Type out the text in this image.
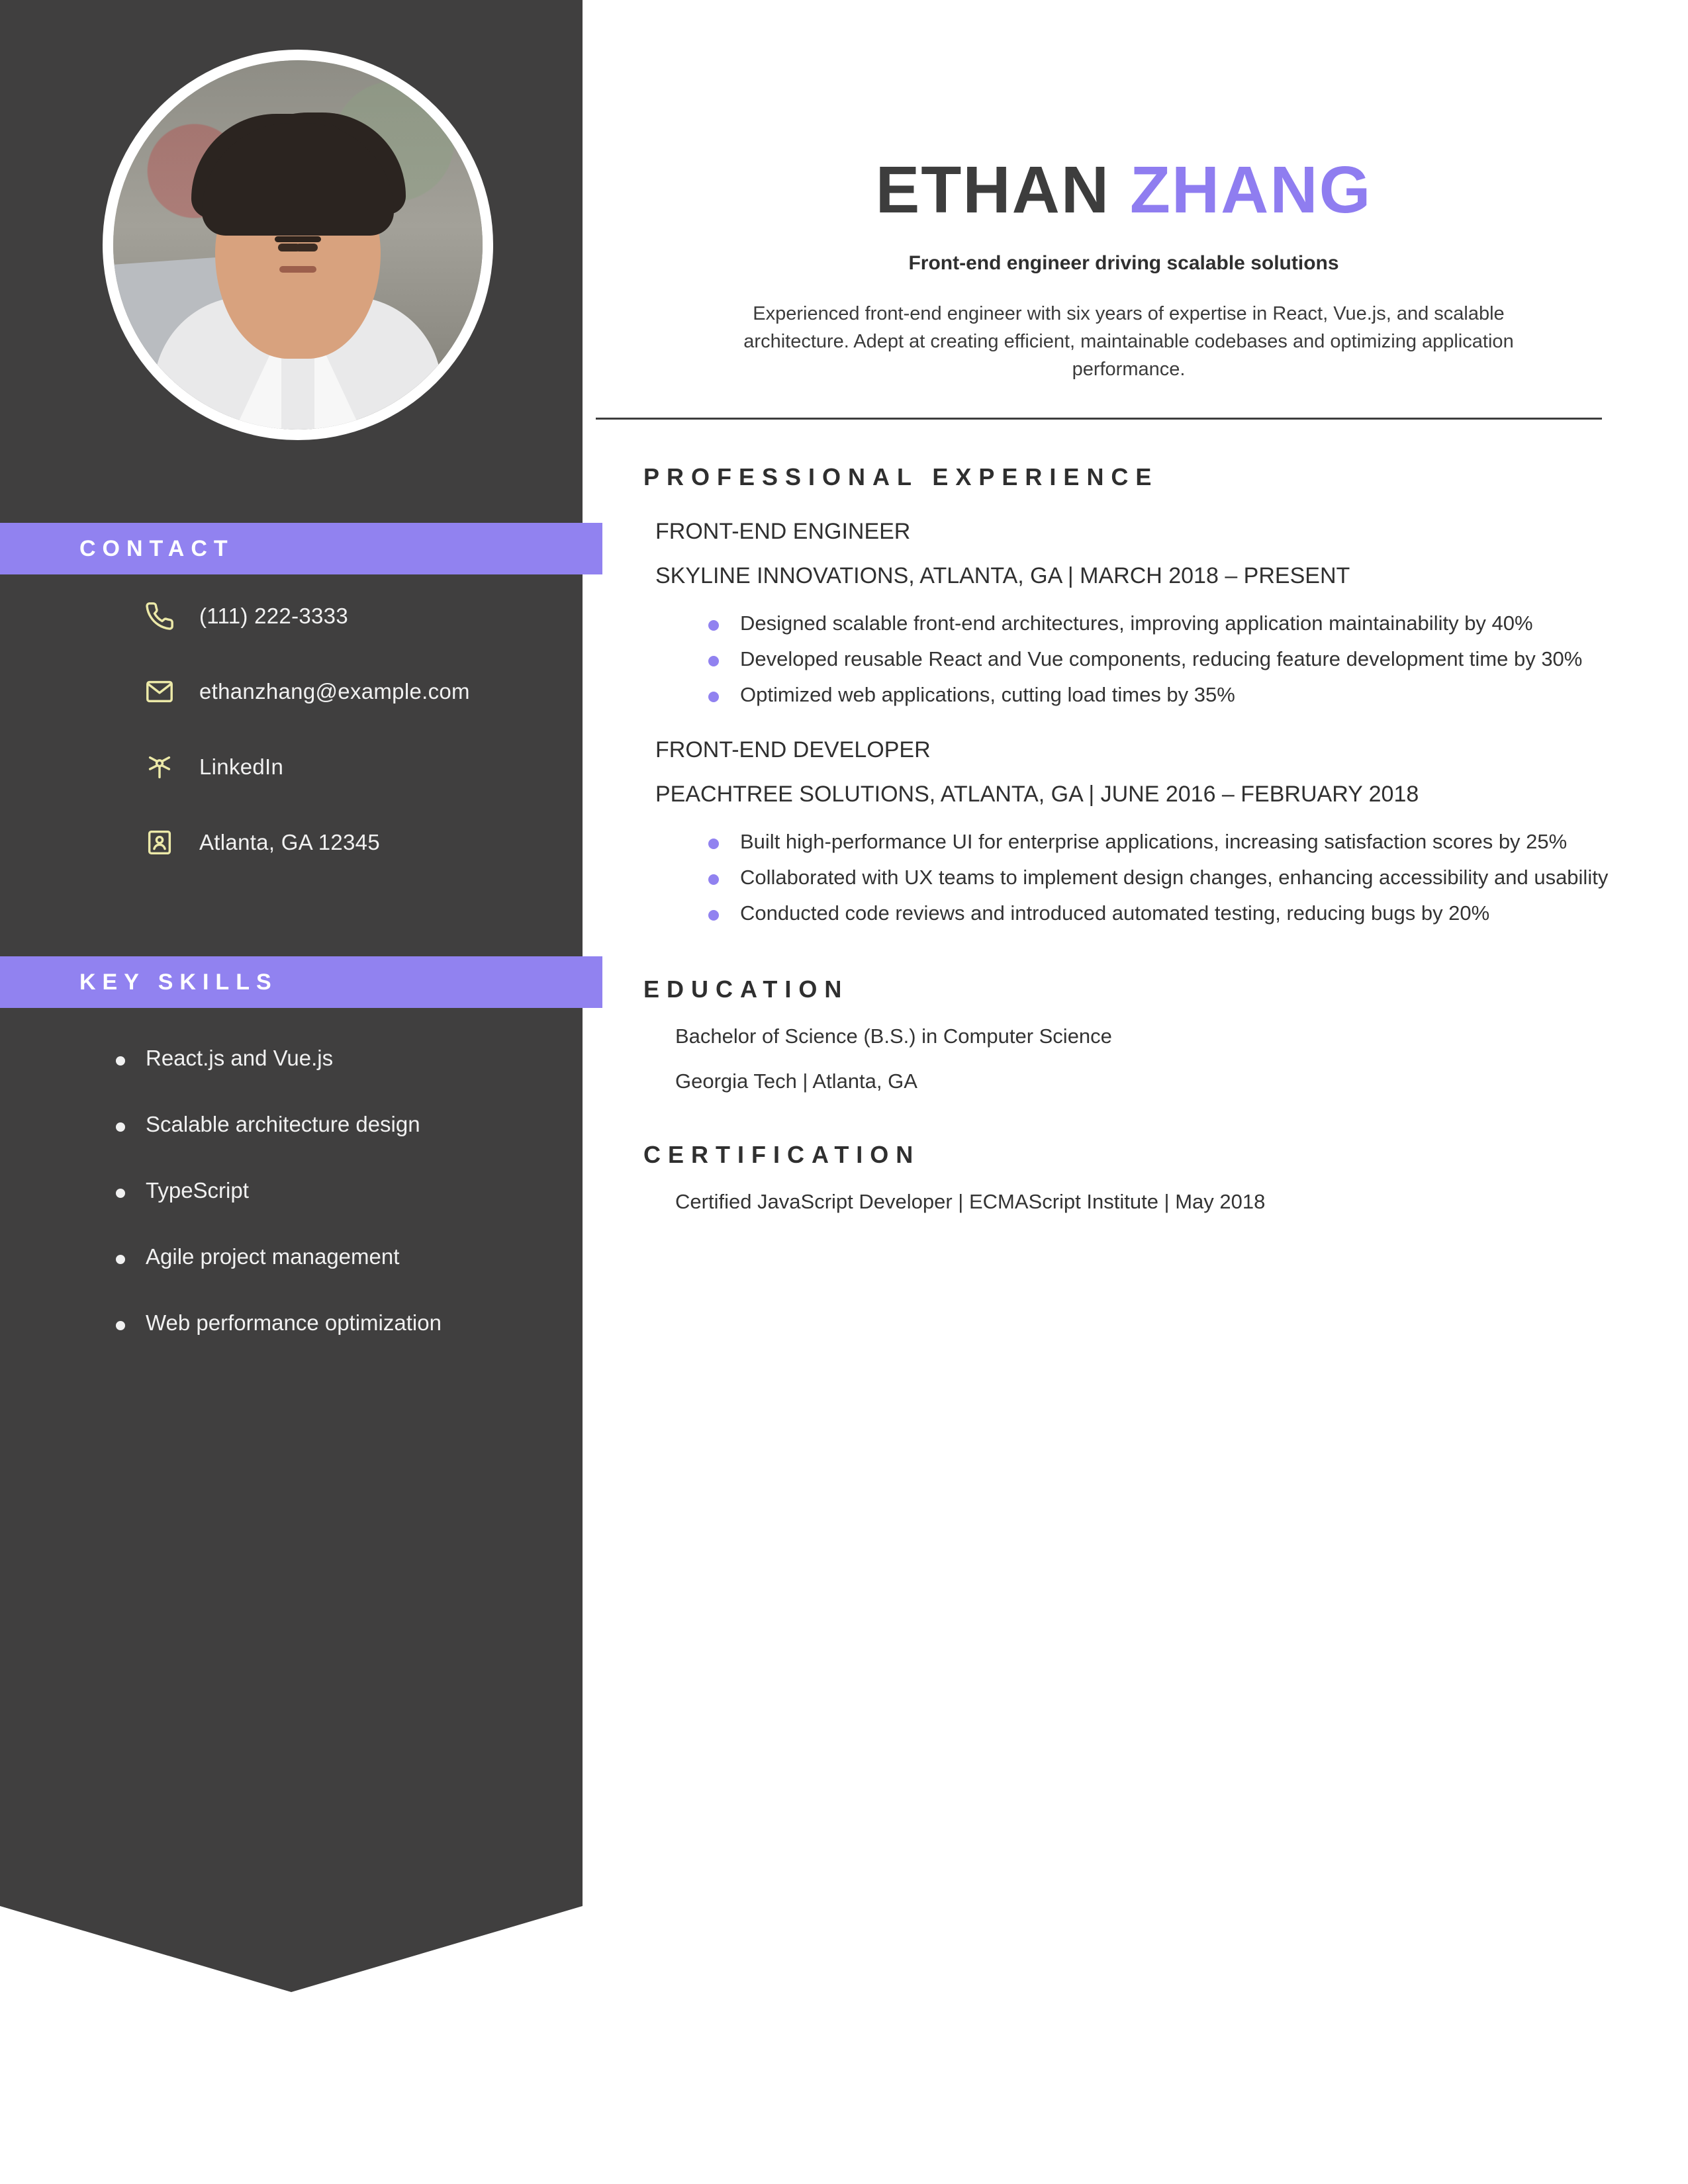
CONTACT
(111) 222-3333
ethanzhang@example.com
LinkedIn
Atlanta, GA 12345
KEY SKILLS
React.js and Vue.js
Scalable architecture design
TypeScript
Agile project management
Web performance optimization
ETHAN ZHANG
Front-end engineer driving scalable solutions
Experienced front-end engineer with six years of expertise in React, Vue.js, and scalable architecture. Adept at creating efficient, maintainable codebases and optimizing application performance.
PROFESSIONAL EXPERIENCE
FRONT-END ENGINEER
SKYLINE INNOVATIONS, ATLANTA, GA | MARCH 2018 – PRESENT
Designed scalable front-end architectures, improving application maintainability by 40%
Developed reusable React and Vue components, reducing feature development time by 30%
Optimized web applications, cutting load times by 35%
FRONT-END DEVELOPER
PEACHTREE SOLUTIONS, ATLANTA, GA | JUNE 2016 – FEBRUARY 2018
Built high-performance UI for enterprise applications, increasing satisfaction scores by 25%
Collaborated with UX teams to implement design changes, enhancing accessibility and usability
Conducted code reviews and introduced automated testing, reducing bugs by 20%
EDUCATION
Bachelor of Science (B.S.) in Computer Science
Georgia Tech | Atlanta, GA
CERTIFICATION
Certified JavaScript Developer | ECMAScript Institute | May 2018
